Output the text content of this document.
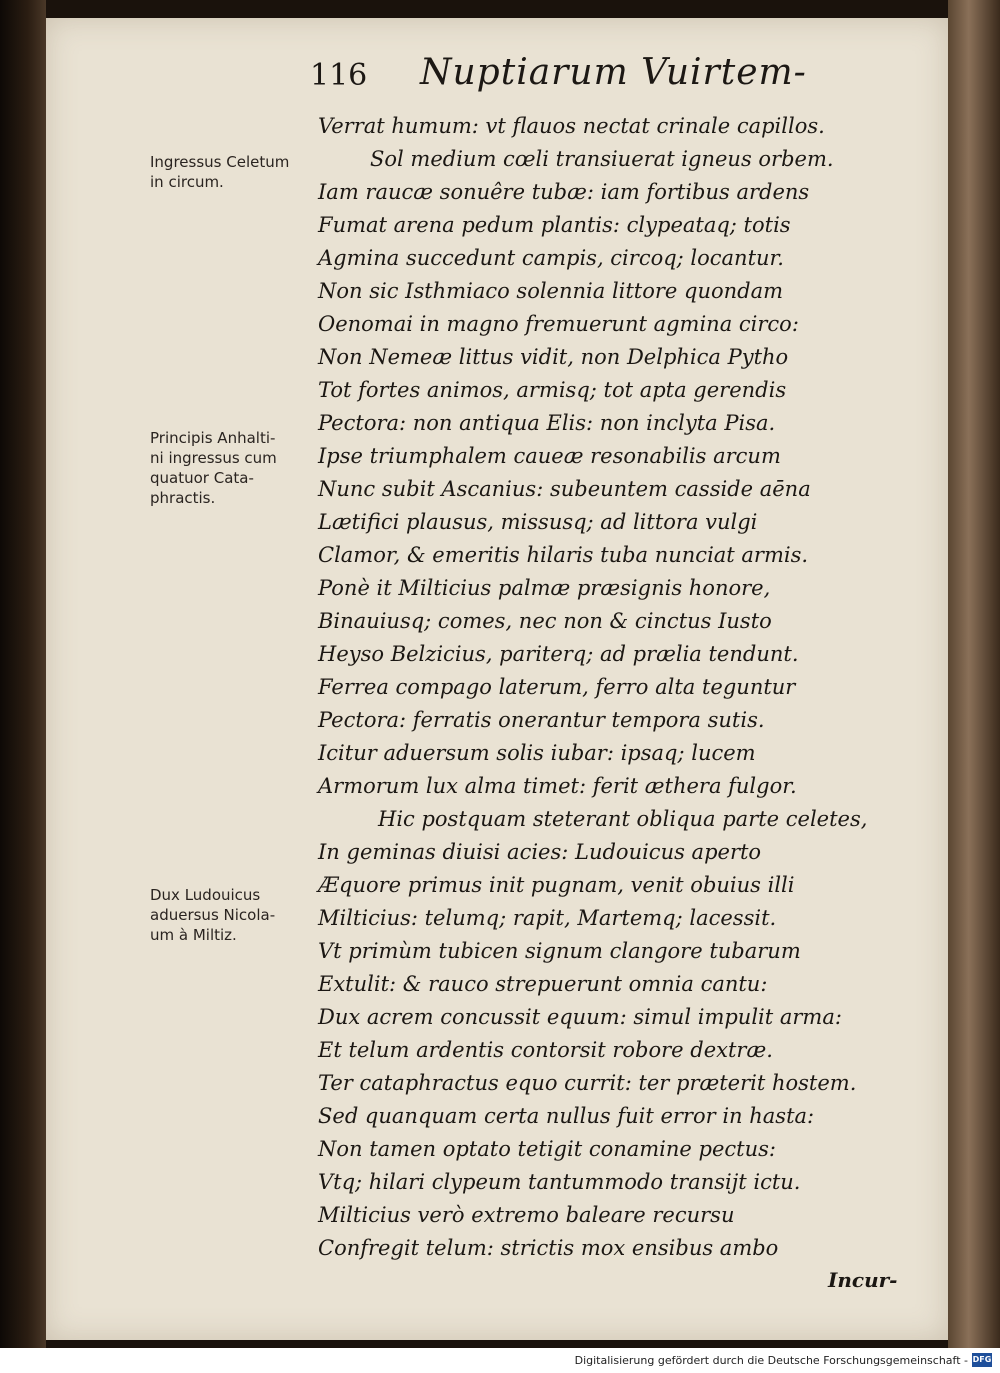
116 Nuptiarum Vuirtem-
Ingressus Celetum
in circum.
Principis Anhalti-
ni ingressus cum
quatuor Cata-
phractis.
Dux Ludouicus
aduersus Nicola-
um à Miltiz.
Verrat humum: vt flauos nectat crinale capillos.
Sol medium cœli transiuerat igneus orbem.
Iam raucæ sonuêre tubæ: iam fortibus ardens
Fumat arena pedum plantis: clypeataq; totis
Agmina succedunt campis, circoq; locantur.
Non sic Isthmiaco solennia littore quondam
Oenomai in magno fremuerunt agmina circo:
Non Nemeæ littus vidit, non Delphica Pytho
Tot fortes animos, armisq; tot apta gerendis
Pectora: non antiqua Elis: non inclyta Pisa.
Ipse triumphalem caueæ resonabilis arcum
Nunc subit Ascanius: subeuntem casside aēna
Lætifici plausus, missusq; ad littora vulgi
Clamor, & emeritis hilaris tuba nunciat armis.
Ponè it Milticius palmæ præsignis honore,
Binauiusq; comes, nec non & cinctus Iusto
Heyso Belzicius, pariterq; ad prælia tendunt.
Ferrea compago laterum, ferro alta teguntur
Pectora: ferratis onerantur tempora sutis.
Icitur aduersum solis iubar: ipsaq; lucem
Armorum lux alma timet: ferit æthera fulgor.
Hic postquam steterant obliqua parte celetes,
In geminas diuisi acies: Ludouicus aperto
Æquore primus init pugnam, venit obuius illi
Milticius: telumq; rapit, Martemq; lacessit.
Vt primùm tubicen signum clangore tubarum
Extulit: & rauco strepuerunt omnia cantu:
Dux acrem concussit equum: simul impulit arma:
Et telum ardentis contorsit robore dextræ.
Ter cataphractus equo currit: ter præterit hostem.
Sed quanquam certa nullus fuit error in hasta:
Non tamen optato tetigit conamine pectus:
Vtq; hilari clypeum tantummodo transijt ictu.
Milticius verò extremo baleare recursu
Confregit telum: strictis mox ensibus ambo
Incur-
Digitalisierung gefördert durch die Deutsche Forschungsgemeinschaft - DFG
